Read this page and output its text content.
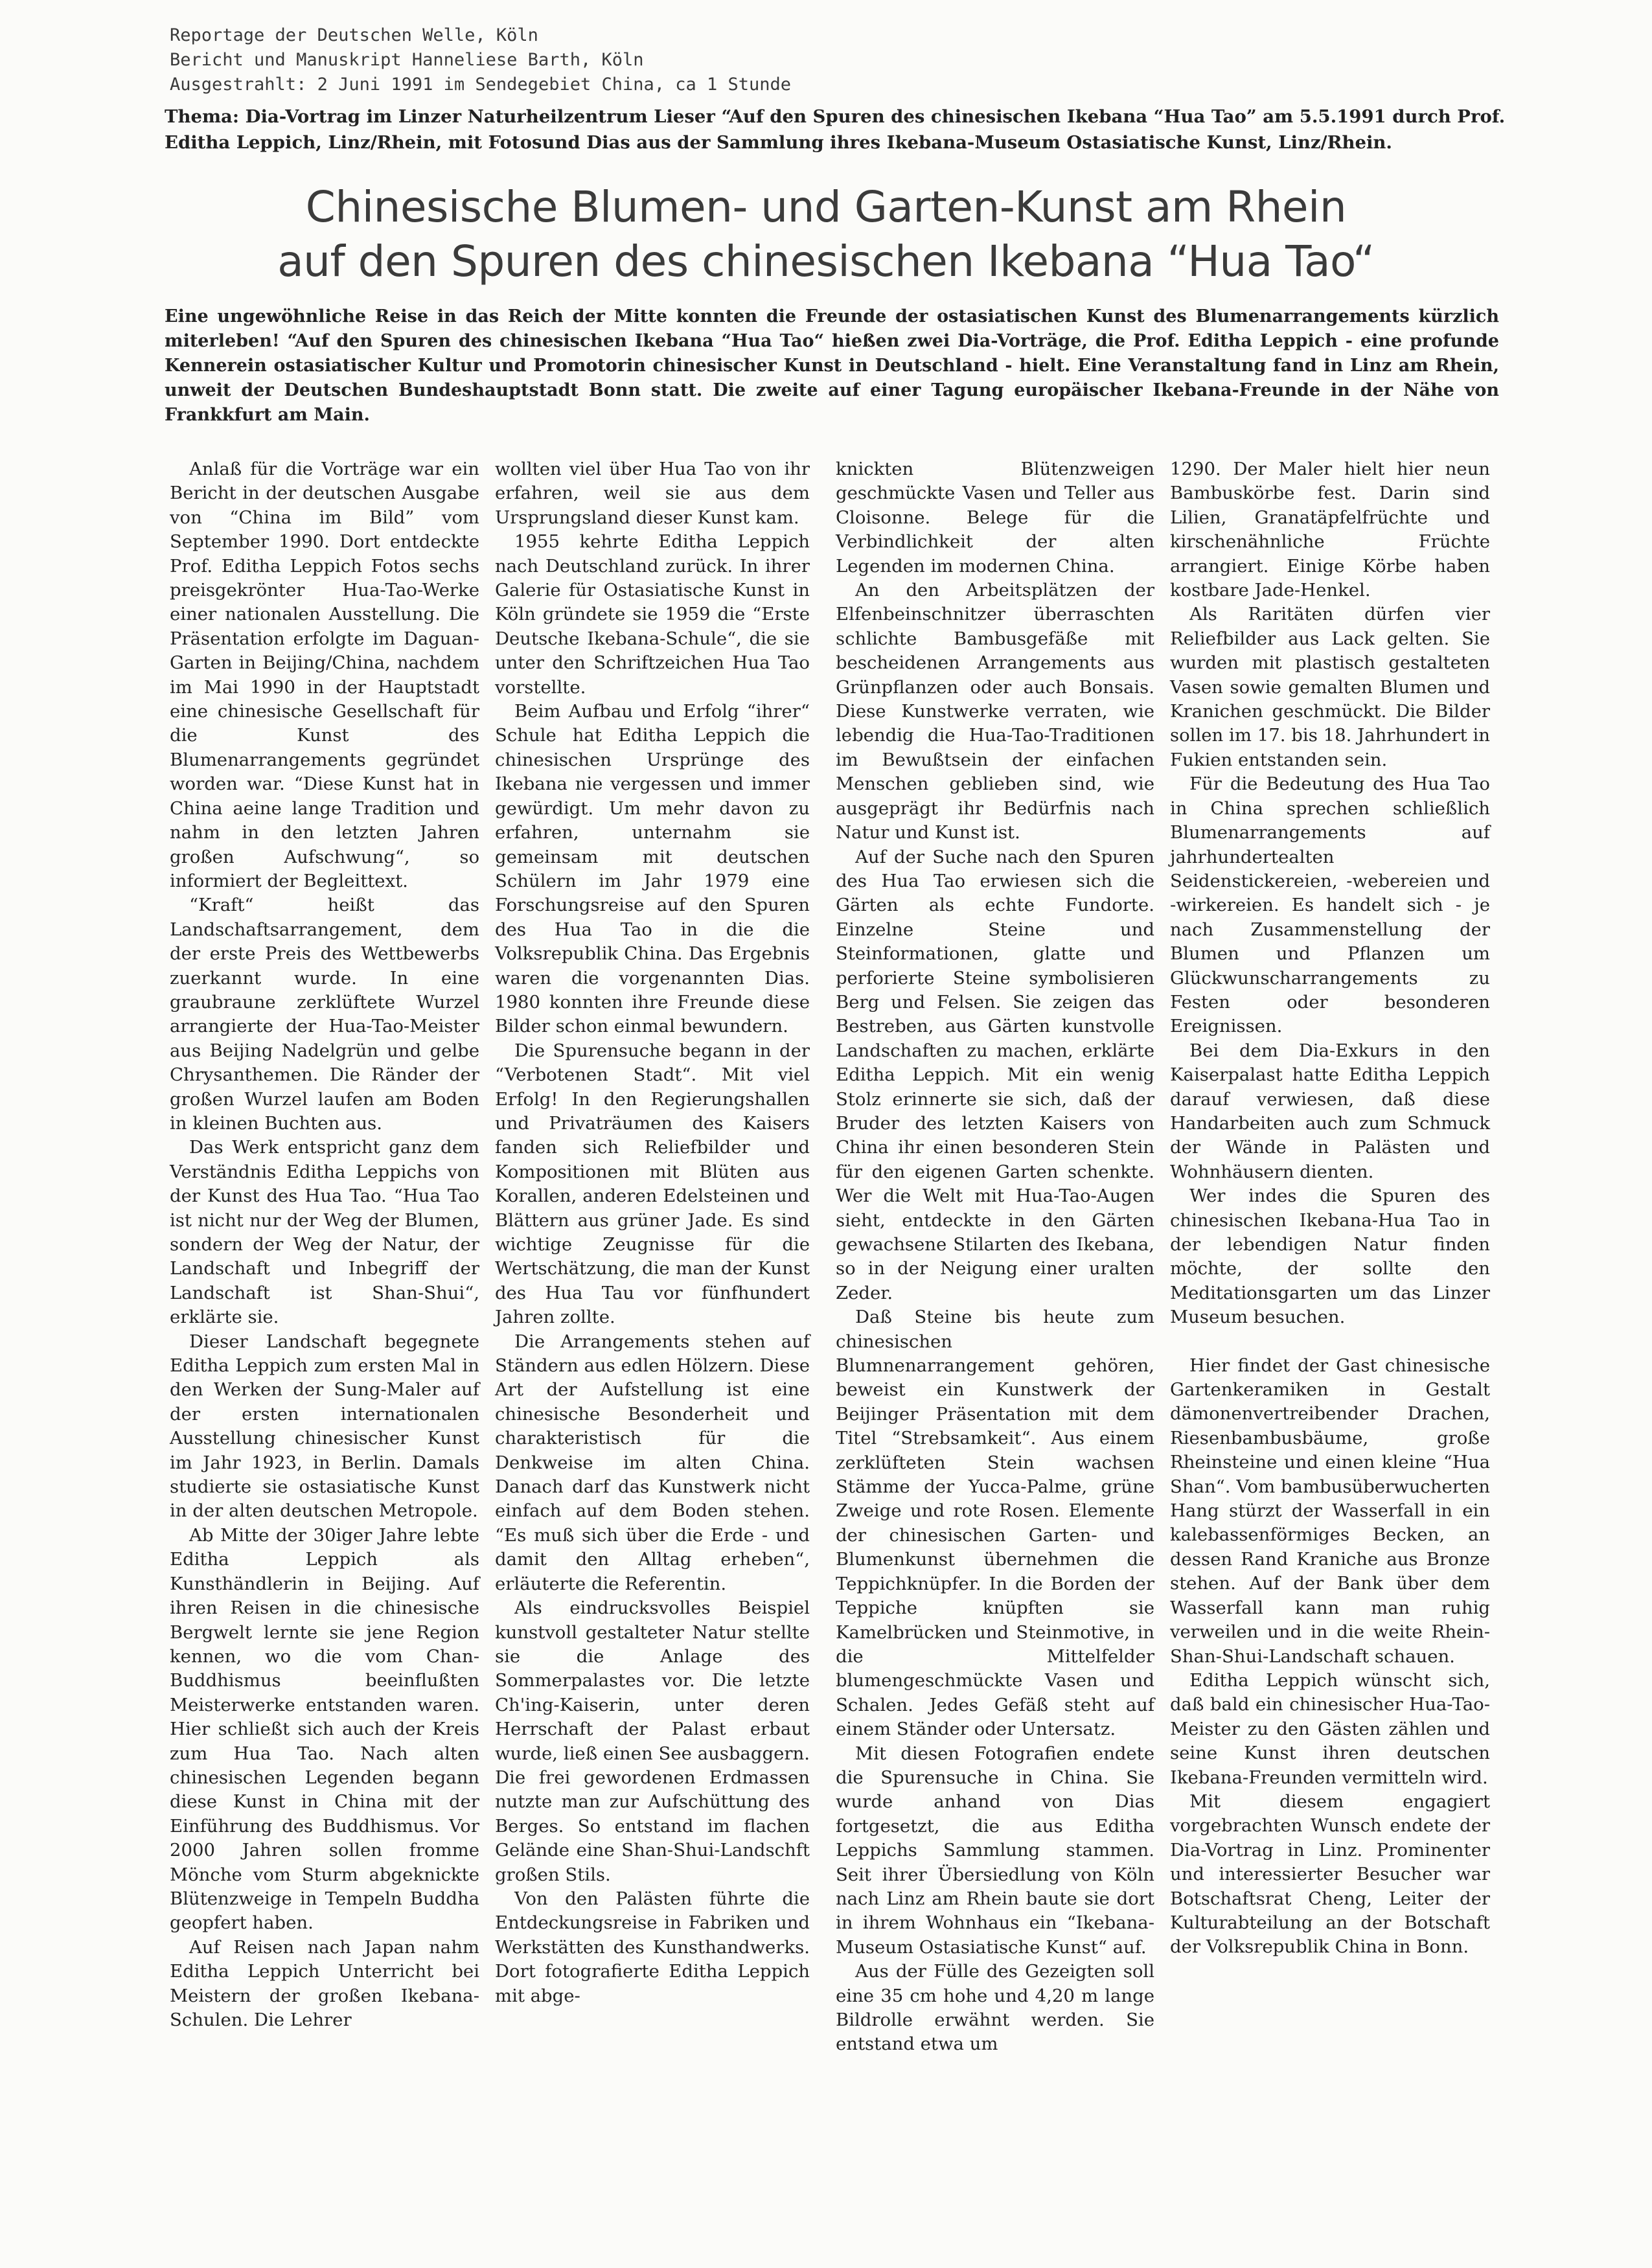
Reportage der Deutschen Welle, Köln
Bericht und Manuskript Hanneliese Barth, Köln
Ausgestrahlt: 2 Juni 1991 im Sendegebiet China, ca 1 Stunde
Thema: Dia-Vortrag im Linzer Naturheilzentrum Lieser “Auf den Spuren des chinesischen Ikebana “Hua Tao” am 5.5.1991 durch Prof. Editha Leppich, Linz/Rhein, mit Fotosund Dias aus der Sammlung ihres Ikebana-Museum Ostasiatische Kunst, Linz/Rhein.
Chinesische Blumen- und Garten-Kunst am Rhein
auf den Spuren des chinesischen Ikebana “Hua Tao“
Eine ungewöhnliche Reise in das Reich der Mitte konnten die Freunde der ostasiatischen Kunst des Blumenarrangements kürzlich miterleben! “Auf den Spuren des chinesischen Ikebana “Hua Tao“ hießen zwei Dia-Vorträge, die Prof. Editha Leppich - eine profunde Kennerein ostasiatischer Kultur und Promotorin chinesischer Kunst in Deutschland - hielt. Eine Veranstaltung fand in Linz am Rhein, unweit der Deutschen Bundeshauptstadt Bonn statt. Die zweite auf einer Tagung europäischer Ikebana-Freunde in der Nähe von Frankkfurt am Main.

Anlaß für die Vorträge war ein Bericht in der deutschen Ausgabe von “China im Bild” vom September 1990. Dort entdeckte Prof. Editha Leppich Fotos sechs preisgekrönter Hua-Tao-Werke einer nationalen Ausstellung. Die Präsentation erfolgte im Daguan-Garten in Beijing/China, nachdem im Mai 1990 in der Hauptstadt eine chinesische Gesellschaft für die Kunst des Blumenarrangements gegründet worden war. “Diese Kunst hat in China aeine lange Tradition und nahm in den letzten Jahren großen Aufschwung“, so informiert der Begleittext.

“Kraft“ heißt das Landschaftsarrangement, dem der erste Preis des Wettbewerbs zuerkannt wurde. In eine graubraune zerklüftete Wurzel arrangierte der Hua-Tao-Meister aus Beijing Nadelgrün und gelbe Chrysanthemen. Die Ränder der großen Wurzel laufen am Boden in kleinen Buchten aus.

Das Werk entspricht ganz dem Verständnis Editha Leppichs von der Kunst des Hua Tao. “Hua Tao ist nicht nur der Weg der Blumen, sondern der Weg der Natur, der Landschaft und Inbegriff der Landschaft ist Shan-Shui“, erklärte sie.

Dieser Landschaft begegnete Editha Leppich zum ersten Mal in den Werken der Sung-Maler auf der ersten internationalen Ausstellung chinesischer Kunst im Jahr 1923, in Berlin. Damals studierte sie ostasiatische Kunst in der alten deutschen Metropole.

Ab Mitte der 30iger Jahre lebte Editha Leppich als Kunsthändlerin in Beijing. Auf ihren Reisen in die chinesische Bergwelt lernte sie jene Region kennen, wo die vom Chan-Buddhismus beeinflußten Meisterwerke entstanden waren. Hier schließt sich auch der Kreis zum Hua Tao. Nach alten chinesischen Legenden begann diese Kunst in China mit der Einführung des Buddhismus. Vor 2000 Jahren sollen fromme Mönche vom Sturm abgeknickte Blütenzweige in Tempeln Buddha geopfert haben.

Auf Reisen nach Japan nahm Editha Leppich Unterricht bei Meistern der großen Ikebana-Schulen. Die Lehrer

wollten viel über Hua Tao von ihr erfahren, weil sie aus dem Ursprungsland dieser Kunst kam.

1955 kehrte Editha Leppich nach Deutschland zurück. In ihrer Galerie für Ostasiatische Kunst in Köln gründete sie 1959 die “Erste Deutsche Ikebana-Schule“, die sie unter den Schriftzeichen Hua Tao vorstellte.

Beim Aufbau und Erfolg “ihrer“ Schule hat Editha Leppich die chinesischen Ursprünge des Ikebana nie vergessen und immer gewürdigt. Um mehr davon zu erfahren, unternahm sie gemeinsam mit deutschen Schülern im Jahr 1979 eine Forschungsreise auf den Spuren des Hua Tao in die die Volksrepublik China. Das Ergebnis waren die vorgenannten Dias. 1980 konnten ihre Freunde diese Bilder schon einmal bewundern.

Die Spurensuche begann in der “Verbotenen Stadt“. Mit viel Erfolg! In den Regierungshallen und Privaträumen des Kaisers fanden sich Reliefbilder und Kompositionen mit Blüten aus Korallen, anderen Edelsteinen und Blättern aus grüner Jade. Es sind wichtige Zeugnisse für die Wertschätzung, die man der Kunst des Hua Tau vor fünfhundert Jahren zollte.

Die Arrangements stehen auf Ständern aus edlen Hölzern. Diese Art der Aufstellung ist eine chinesische Besonderheit und charakteristisch für die Denkweise im alten China. Danach darf das Kunstwerk nicht einfach auf dem Boden stehen. “Es muß sich über die Erde - und damit den Alltag erheben“, erläuterte die Referentin.

Als eindrucksvolles Beispiel kunstvoll gestalteter Natur stellte sie die Anlage des Sommerpalastes vor. Die letzte Ch'ing-Kaiserin, unter deren Herrschaft der Palast erbaut wurde, ließ einen See ausbaggern. Die frei gewordenen Erdmassen nutzte man zur Aufschüttung des Berges. So entstand im flachen Gelände eine Shan-Shui-Landschft großen Stils.

Von den Palästen führte die Entdeckungsreise in Fabriken und Werkstätten des Kunsthandwerks. Dort fotografierte Editha Leppich mit abge-

knickten Blütenzweigen geschmückte Vasen und Teller aus Cloisonne. Belege für die Verbindlichkeit der alten Legenden im modernen China.

An den Arbeitsplätzen der Elfenbeinschnitzer überraschten schlichte Bambusgefäße mit bescheidenen Arrangements aus Grünpflanzen oder auch Bonsais. Diese Kunstwerke verraten, wie lebendig die Hua-Tao-Traditionen im Bewußtsein der einfachen Menschen geblieben sind, wie ausgeprägt ihr Bedürfnis nach Natur und Kunst ist.

Auf der Suche nach den Spuren des Hua Tao erwiesen sich die Gärten als echte Fundorte. Einzelne Steine und Steinformationen, glatte und perforierte Steine symbolisieren Berg und Felsen. Sie zeigen das Bestreben, aus Gärten kunstvolle Landschaften zu machen, erklärte Editha Leppich. Mit ein wenig Stolz erinnerte sie sich, daß der Bruder des letzten Kaisers von China ihr einen besonderen Stein für den eigenen Garten schenkte. Wer die Welt mit Hua-Tao-Augen sieht, entdeckte in den Gärten gewachsene Stilarten des Ikebana, so in der Neigung einer uralten Zeder.

Daß Steine bis heute zum chinesischen Blumnenarrangement gehören, beweist ein Kunstwerk der Beijinger Präsentation mit dem Titel “Strebsamkeit“. Aus einem zerklüfteten Stein wachsen Stämme der Yucca-Palme, grüne Zweige und rote Rosen. Elemente der chinesischen Garten- und Blumenkunst übernehmen die Teppichknüpfer. In die Borden der Teppiche knüpften sie Kamelbrücken und Steinmotive, in die Mittelfelder blumengeschmückte Vasen und Schalen. Jedes Gefäß steht auf einem Ständer oder Untersatz.

Mit diesen Fotografien endete die Spurensuche in China. Sie wurde anhand von Dias fortgesetzt, die aus Editha Leppichs Sammlung stammen. Seit ihrer Übersiedlung von Köln nach Linz am Rhein baute sie dort in ihrem Wohnhaus ein “Ikebana-Museum Ostasiatische Kunst“ auf.

Aus der Fülle des Gezeigten soll eine 35 cm hohe und 4,20 m lange Bildrolle erwähnt werden. Sie entstand etwa um

1290. Der Maler hielt hier neun Bambuskörbe fest. Darin sind Lilien, Granatäpfelfrüchte und kirschenähnliche Früchte arrangiert. Einige Körbe haben kostbare Jade-Henkel.

Als Raritäten dürfen vier Reliefbilder aus Lack gelten. Sie wurden mit plastisch gestalteten Vasen sowie gemalten Blumen und Kranichen geschmückt. Die Bilder sollen im 17. bis 18. Jahrhundert in Fukien entstanden sein.

Für die Bedeutung des Hua Tao in China sprechen schließlich Blumenarrangements auf jahrhundertealten Seidenstickereien, -webereien und -wirkereien. Es handelt sich - je nach Zusammenstellung der Blumen und Pflanzen um Glückwunscharrangements zu Festen oder besonderen Ereignissen.

Bei dem Dia-Exkurs in den Kaiserpalast hatte Editha Leppich darauf verwiesen, daß diese Handarbeiten auch zum Schmuck der Wände in Palästen und Wohnhäusern dienten.

Wer indes die Spuren des chinesischen Ikebana-Hua Tao in der lebendigen Natur finden möchte, der sollte den Meditationsgarten um das Linzer Museum besuchen.

Hier findet der Gast chinesische Gartenkeramiken in Gestalt dämonenvertreibender Drachen, Riesenbambusbäume, große Rheinsteine und einen kleine “Hua Shan“. Vom bambusüberwucherten Hang stürzt der Wasserfall in ein kalebassenförmiges Becken, an dessen Rand Kraniche aus Bronze stehen. Auf der Bank über dem Wasserfall kann man ruhig verweilen und in die weite Rhein-Shan-Shui-Landschaft schauen.

Editha Leppich wünscht sich, daß bald ein chinesischer Hua-Tao-Meister zu den Gästen zählen und seine Kunst ihren deutschen Ikebana-Freunden vermitteln wird.

Mit diesem engagiert vorgebrachten Wunsch endete der Dia-Vortrag in Linz. Prominenter und interessierter Besucher war Botschaftsrat Cheng, Leiter der Kulturabteilung an der Botschaft der Volksrepublik China in Bonn.
